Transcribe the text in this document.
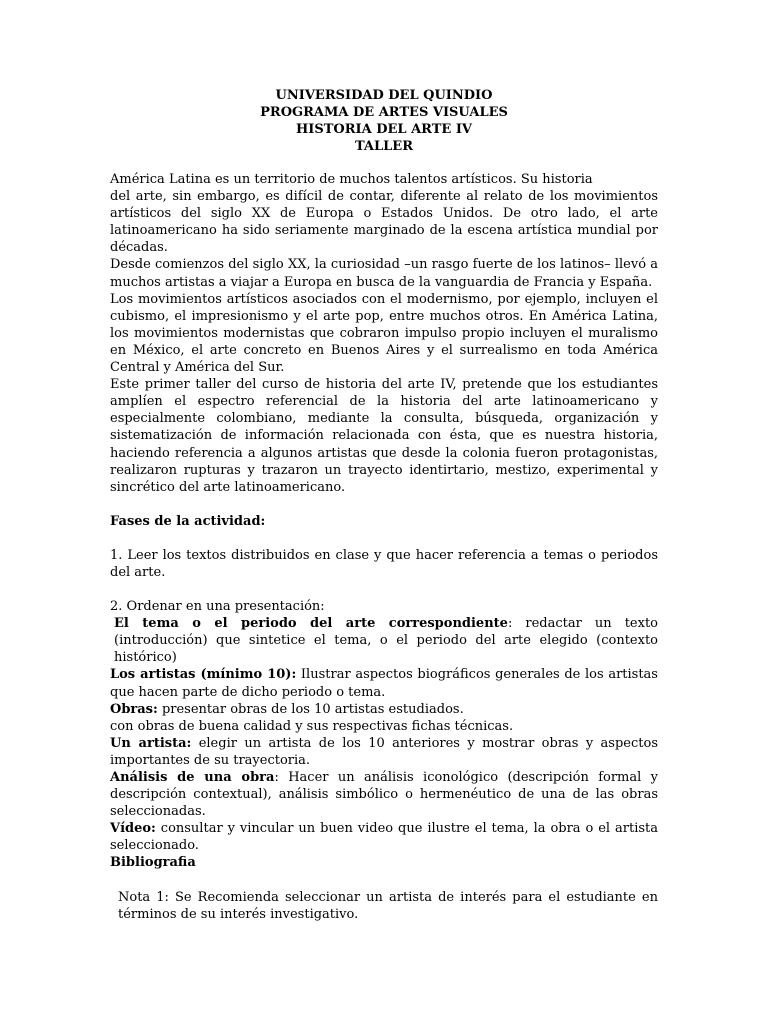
UNIVERSIDAD DEL QUINDIO
PROGRAMA DE ARTES VISUALES
HISTORIA DEL ARTE IV
TALLER

América Latina es un territorio de muchos talentos artísticos. Su historia

del arte, sin embargo, es difícil de contar, diferente al relato de los movimientos artísticos del siglo XX de Europa o Estados Unidos. De otro lado, el arte latinoamericano ha sido seriamente marginado de la escena artística mundial por décadas.

Desde comienzos del siglo XX, la curiosidad –un rasgo fuerte de los latinos– llevó a muchos artistas a viajar a Europa en busca de la vanguardia de Francia y España.

Los movimientos artísticos asociados con el modernismo, por ejemplo, incluyen el cubismo, el impresionismo y el arte pop, entre muchos otros. En América Latina, los movimientos modernistas que cobraron impulso propio incluyen el muralismo en México, el arte concreto en Buenos Aires y el surrealismo en toda América Central y América del Sur.

Este primer taller del curso de historia del arte IV, pretende que los estudiantes amplíen el espectro referencial de la historia del arte latinoamericano y especialmente colombiano, mediante la consulta, búsqueda, organización y sistematización de información relacionada con ésta, que es nuestra historia, haciendo referencia a algunos artistas que desde la colonia fueron protagonistas, realizaron rupturas y trazaron un trayecto identirtario, mestizo, experimental y sincrético del arte latinoamericano.

Fases de la actividad:

1. Leer los textos distribuidos en clase y que hacer referencia a temas o periodos del arte.

2. Ordenar en una presentación:

El tema o el periodo del arte correspondiente: redactar un texto (introducción) que sintetice el tema, o el periodo del arte elegido (contexto histórico)

Los artistas (mínimo 10): Ilustrar aspectos biográficos generales de los artistas que hacen parte de dicho periodo o tema.

Obras: presentar obras de los 10 artistas estudiados.

con obras de buena calidad y sus respectivas fichas técnicas.

Un artista: elegir un artista de los 10 anteriores y mostrar obras y aspectos importantes de su trayectoria.

Análisis de una obra: Hacer un análisis iconológico (descripción formal y descripción contextual), análisis simbólico o hermenéutico de una de las obras seleccionadas.

Vídeo: consultar y vincular un buen video que ilustre el tema, la obra o el artista seleccionado.

Bibliografia

Nota 1: Se Recomienda seleccionar un artista de interés para el estudiante en términos de su interés investigativo.
